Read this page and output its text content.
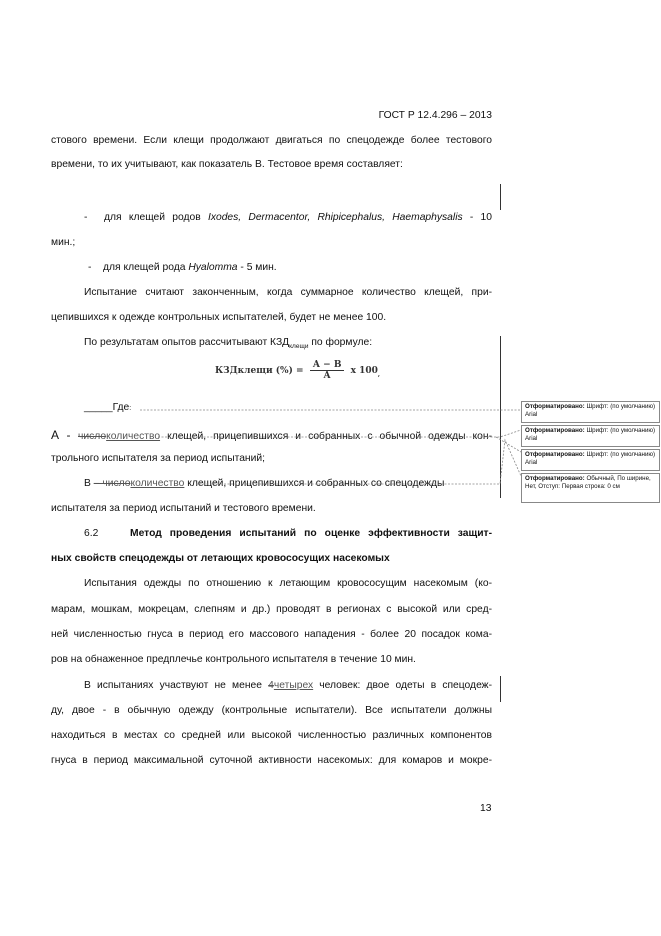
ГОСТ Р 12.4.296 – 2013
стового времени. Если клещи продолжают двигаться по спецодежде более тестового
времени, то их учитывают, как показатель В. Тестовое время составляет:
- для клещей родов Ixodes, Dermacentor, Rhipicephalus, Haemaphysalis - 10
мин.;
- для клещей рода Hyalomma - 5 мин.
Испытание считают законченным, когда суммарное количество клещей, при-
цепившихся к одежде контрольных испытателей, будет не менее 100.
По результатам опытов рассчитывают $КЗД_{клещи}$ по формуле:
КЗДклещи (%) = $\frac{А - В}{А}$ х $100_,$
_____Где:
А - числоколичество клещей, прицепившихся и собранных с обычной одежды кон-
трольного испытателя за период испытаний;
В – числоколичество клещей, прицепившихся и собранных со спецодежды
испытателя за период испытаний и тестового времени.
6.2	Метод проведения испытаний по оценке эффективности защит-
ных свойств спецодежды от летающих кровососущих насекомых
Испытания одежды по отношению к летающим кровососущим насекомым (ко-
марам, мошкам, мокрецам, слепням и др.) проводят в регионах с высокой или сред-
ней численностью гнуса в период его массового нападения - более 20 посадок кома-
ров на обнаженное предплечье контрольного испытателя в течение 10 мин.
В испытаниях участвуют не менее 4четырех человек: двое одеты в спецодеж-
ду, двое - в обычную одежду (контрольные испытатели). Все испытатели должны
находиться в местах со средней или высокой численностью различных компонентов
гнуса в период максимальной суточной активности насекомых: для комаров и мокре-
13
Отформатировано: Шрифт: (по умолчанию) Arial
Отформатировано: Шрифт: (по умолчанию) Arial
Отформатировано: Шрифт: (по умолчанию) Arial
Отформатировано: Обычный, По ширине, Нет, Отступ: Первая строка: 0 см
